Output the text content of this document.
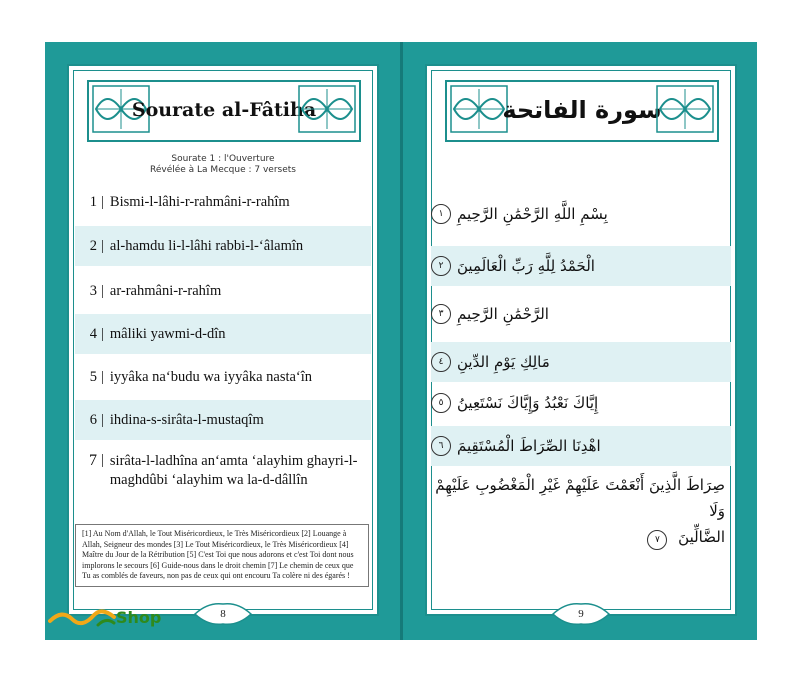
Sourate al-Fâtiha
Sourate 1 : l'Ouverture
Révélée à La Mecque : 7 versets
1 | Bismi-l-lâhi-r-rahmâni-r-rahîm
2 | al-hamdu li-l-lâhi rabbi-l-‘âlamîn
3 | ar-rahmâni-r-rahîm
4 | mâliki yawmi-d-dîn
5 | iyyâka na‘budu wa iyyâka nasta‘în
6 | ihdina-s-sirâta-l-mustaqîm
7 | sirâta-l-ladhîna an‘amta ‘alayhim ghayri-l-
maghdûbi ‘alayhim wa la-d-dâllîn
[1] Au Nom d'Allah, le Tout Miséricordieux, le Très Miséricordieux [2] Louange à Allah, Seigneur des mondes [3] Le Tout Miséricordieux, le Très Miséricordieux [4] Maître du Jour de la Rétribution [5] C'est Toi que nous adorons et c'est Toi dont nous implorons le secours [6] Guide-nous dans le droit chemin [7] Le chemin de ceux que Tu as comblés de faveurs, non pas de ceux qui ont encouru Ta colère ni des égarés !
8
سورة الفاتحة
بِسْمِ اللَّهِ الرَّحْمَٰنِ الرَّحِيمِ
١
الْحَمْدُ لِلَّهِ رَبِّ الْعَالَمِينَ
٢
الرَّحْمَٰنِ الرَّحِيمِ
٣
مَالِكِ يَوْمِ الدِّينِ
٤
إِيَّاكَ نَعْبُدُ وَإِيَّاكَ نَسْتَعِينُ
٥
اهْدِنَا الصِّرَاطَ الْمُسْتَقِيمَ
٦
صِرَاطَ الَّذِينَ أَنْعَمْتَ عَلَيْهِمْ غَيْرِ الْمَغْضُوبِ عَلَيْهِمْ وَلَا
الضَّالِّينَ ٧
9
Shop
